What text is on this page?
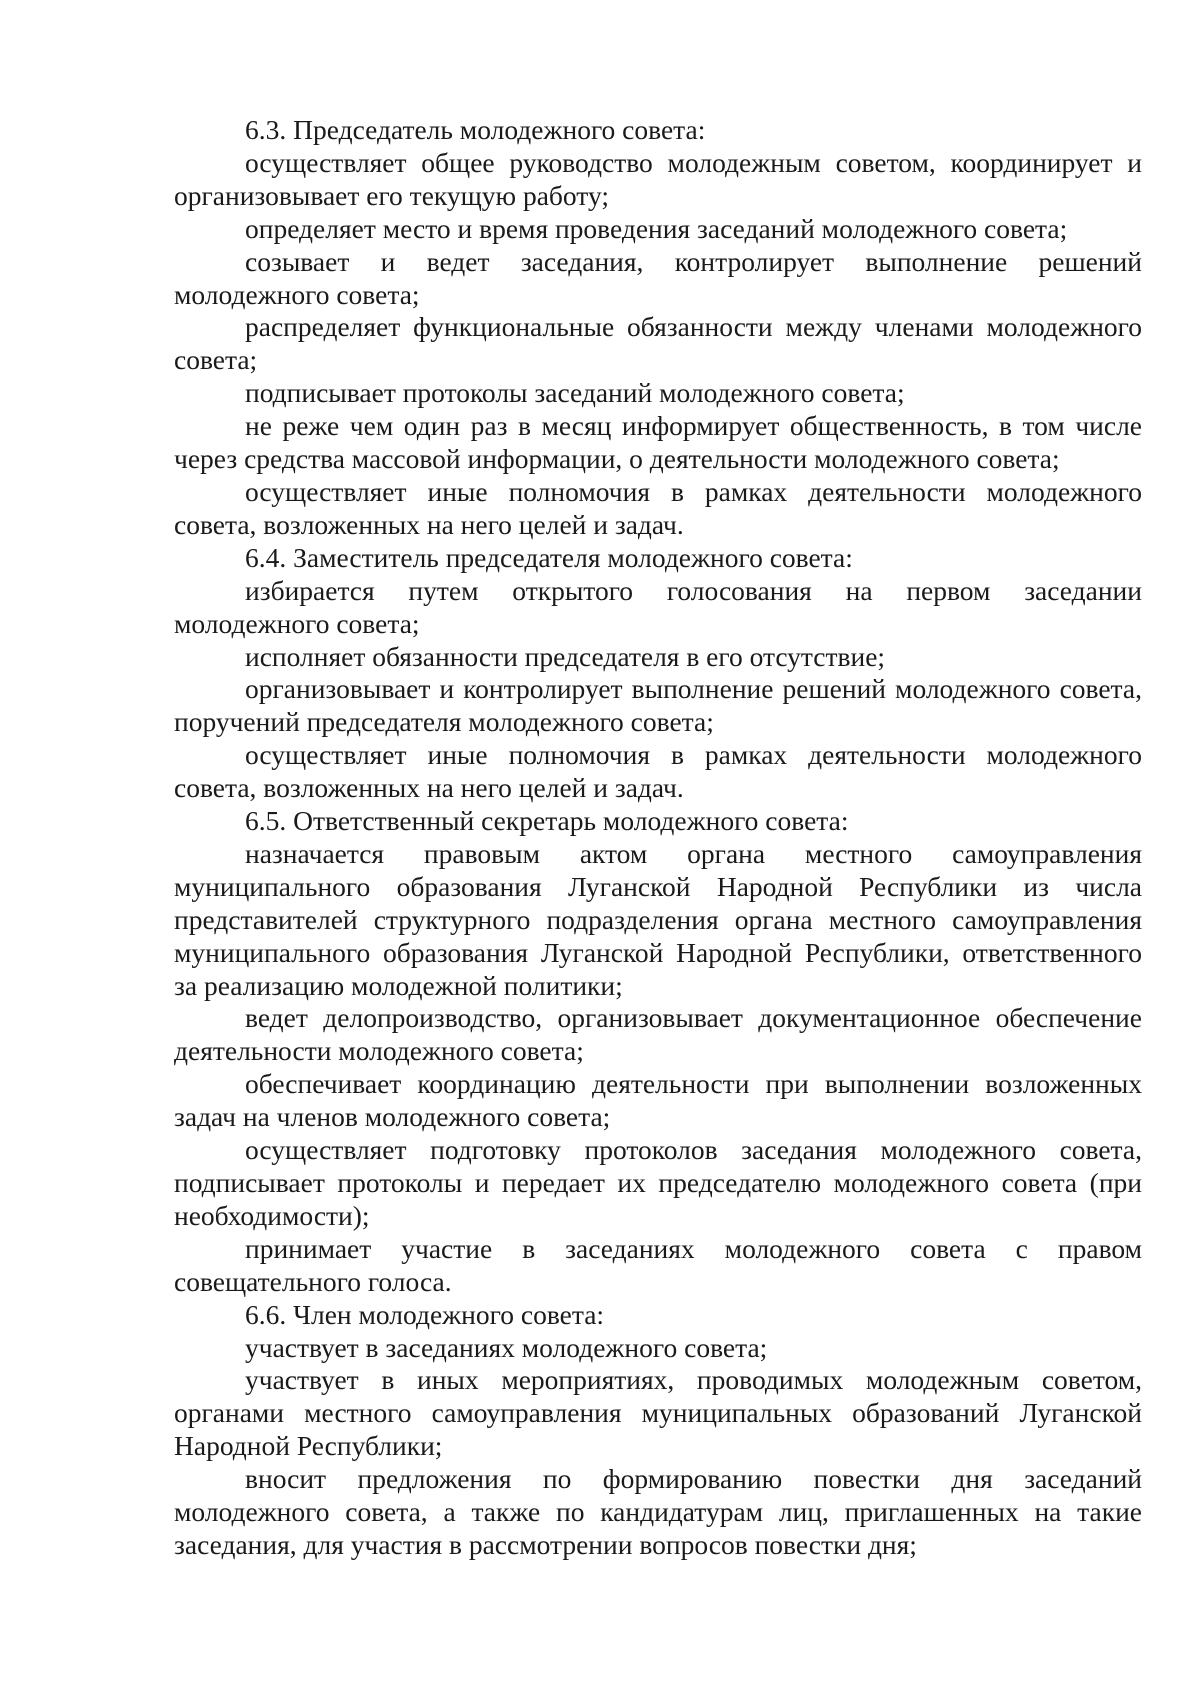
6.3. Председатель молодежного совета:

осуществляет общее руководство молодежным советом, координирует и организовывает его текущую работу;

определяет место и время проведения заседаний молодежного совета;

созывает и ведет заседания, контролирует выполнение решений молодежного совета;

распределяет функциональные обязанности между членами молодежного совета;

подписывает протоколы заседаний молодежного совета;

не реже чем один раз в месяц информирует общественность, в том числе через средства массовой информации, о деятельности молодежного совета;

осуществляет иные полномочия в рамках деятельности молодежного совета, возложенных на него целей и задач.

6.4. Заместитель председателя молодежного совета:

избирается путем открытого голосования на первом заседании молодежного совета;

исполняет обязанности председателя в его отсутствие;

организовывает и контролирует выполнение решений молодежного совета, поручений председателя молодежного совета;

осуществляет иные полномочия в рамках деятельности молодежного совета, возложенных на него целей и задач.

6.5. Ответственный секретарь молодежного совета:

назначается правовым актом органа местного самоуправления муниципального образования Луганской Народной Республики из числа представителей структурного подразделения органа местного самоуправления муниципального образования Луганской Народной Республики, ответственного за реализацию молодежной политики;

ведет делопроизводство, организовывает документационное обеспечение деятельности молодежного совета;

обеспечивает координацию деятельности при выполнении возложенных задач на членов молодежного совета;

осуществляет подготовку протоколов заседания молодежного совета, подписывает протоколы и передает их председателю молодежного совета (при необходимости);

принимает участие в заседаниях молодежного совета с правом совещательного голоса.

6.6. Член молодежного совета:

участвует в заседаниях молодежного совета;

участвует в иных мероприятиях, проводимых молодежным советом, органами местного самоуправления муниципальных образований Луганской Народной Республики;

вносит предложения по формированию повестки дня заседаний молодежного совета, а также по кандидатурам лиц, приглашенных на такие заседания, для участия в рассмотрении вопросов повестки дня;
